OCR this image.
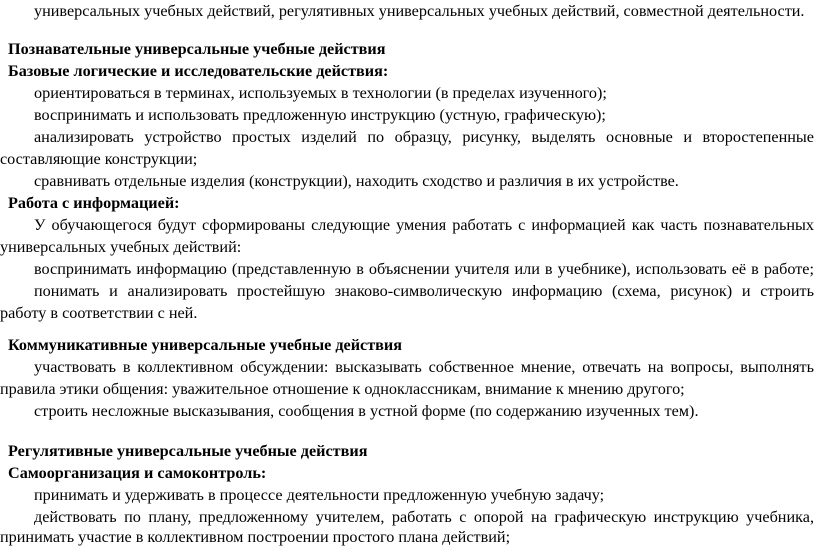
универсальных учебных действий, регулятивных универсальных учебных действий, совместной деятельности.
Познавательные универсальные учебные действия
Базовые логические и исследовательские действия:
ориентироваться в терминах, используемых в технологии (в пределах изученного);
воспринимать и использовать предложенную инструкцию (устную, графическую);
анализировать устройство простых изделий по образцу, рисунку, выделять основные и второстепенные
составляющие конструкции;
сравнивать отдельные изделия (конструкции), находить сходство и различия в их устройстве.
Работа с информацией:
У обучающегося будут сформированы следующие умения работать с информацией как часть познавательных
универсальных учебных действий:
воспринимать информацию (представленную в объяснении учителя или в учебнике), использовать её в работе;
понимать и анализировать простейшую знаково-символическую информацию (схема, рисунок) и строить
работу в соответствии с ней.
Коммуникативные универсальные учебные действия
участвовать в коллективном обсуждении: высказывать собственное мнение, отвечать на вопросы, выполнять
правила этики общения: уважительное отношение к одноклассникам, внимание к мнению другого;
строить несложные высказывания, сообщения в устной форме (по содержанию изученных тем).
Регулятивные универсальные учебные действия
Самоорганизация и самоконтроль:
принимать и удерживать в процессе деятельности предложенную учебную задачу;
действовать по плану, предложенному учителем, работать с опорой на графическую инструкцию учебника,
принимать участие в коллективном построении простого плана действий;
